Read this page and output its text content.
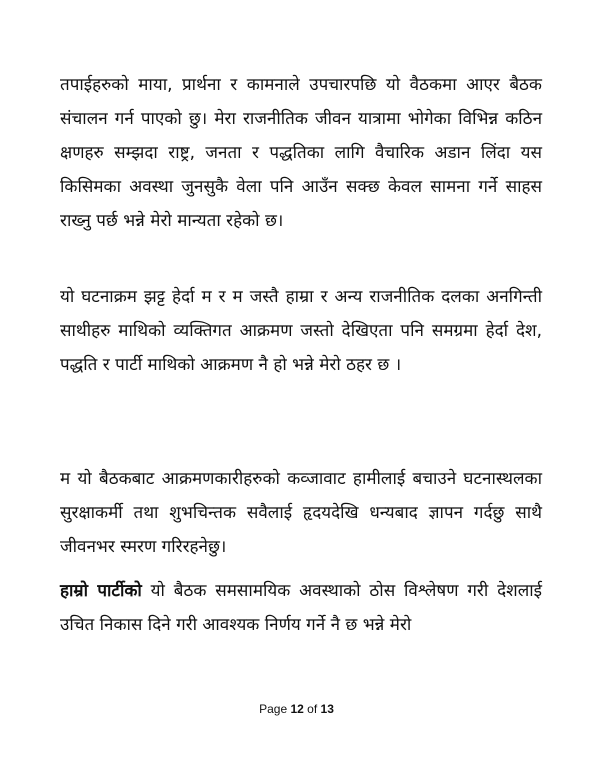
तपाईहरुको माया, प्रार्थना र कामनाले उपचारपछि यो वैठकमा आएर बैठक संचालन गर्न पाएको छु। मेरा राजनीतिक जीवन यात्रामा भोगेका विभिन्न कठिन क्षणहरु सम्झदा राष्ट्र, जनता र पद्धतिका लागि वैचारिक अडान लिंदा यस किसिमका अवस्था जुनसुकै वेला पनि आउँन सक्छ केवल सामना गर्ने साहस राख्नु पर्छ भन्ने मेरो मान्यता रहेको छ।
यो घटनाक्रम झट्ट हेर्दा म र म जस्तै हाम्रा र अन्य राजनीतिक दलका अनगिन्ती साथीहरु माथिको व्यक्तिगत आक्रमण जस्तो देखिएता पनि समग्रमा हेर्दा देश, पद्धति र पार्टी माथिको आक्रमण नै हो भन्ने मेरो ठहर छ ।
म यो बैठकबाट आक्रमणकारीहरुको कव्जावाट हामीलाई बचाउने घटनास्थलका सुरक्षाकर्मी तथा शुभचिन्तक सवैलाई हृदयदेखि धन्यबाद ज्ञापन गर्दछु साथै जीवनभर स्मरण गरिरहनेछु।
हाम्रो पार्टीको यो बैठक समसामयिक अवस्थाको ठोस विश्लेषण गरी देशलाई उचित निकास दिने गरी आवश्यक निर्णय गर्ने नै छ भन्ने मेरो
Page 12 of 13
